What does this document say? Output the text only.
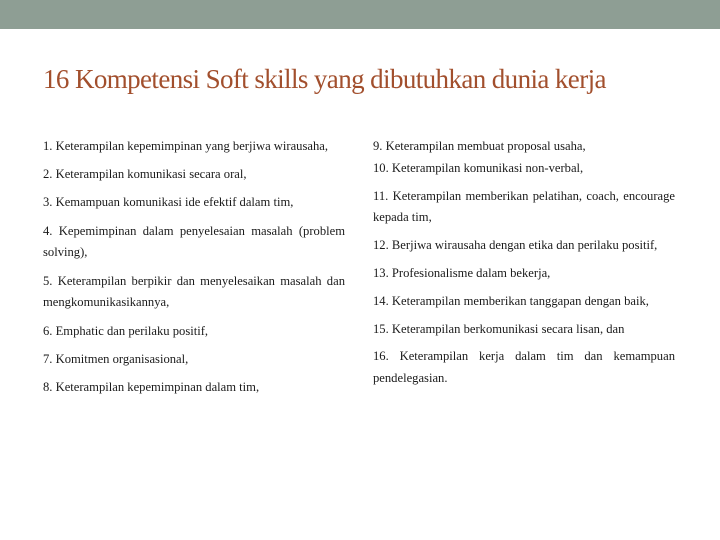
16 Kompetensi Soft skills yang dibutuhkan dunia kerja

1. Keterampilan kepemimpinan yang berjiwa wirausaha,

2. Keterampilan komunikasi secara oral,

3. Kemampuan komunikasi ide efektif dalam tim,

4. Kepemimpinan dalam penyelesaian masalah (problem solving),

5. Keterampilan berpikir dan menyelesaikan masalah dan mengkomunikasikannya,

6. Emphatic dan perilaku positif,

7. Komitmen organisasional,

8. Keterampilan kepemimpinan dalam tim,

9. Keterampilan membuat proposal usaha,

10. Keterampilan komunikasi non-verbal,

11. Keterampilan memberikan pelatihan, coach, encourage kepada tim,

12. Berjiwa wirausaha dengan etika dan perilaku positif,

13. Profesionalisme dalam bekerja,

14. Keterampilan memberikan tanggapan dengan baik,

15. Keterampilan berkomunikasi secara lisan, dan

16. Keterampilan kerja dalam tim dan kemampuan pendelegasian.
